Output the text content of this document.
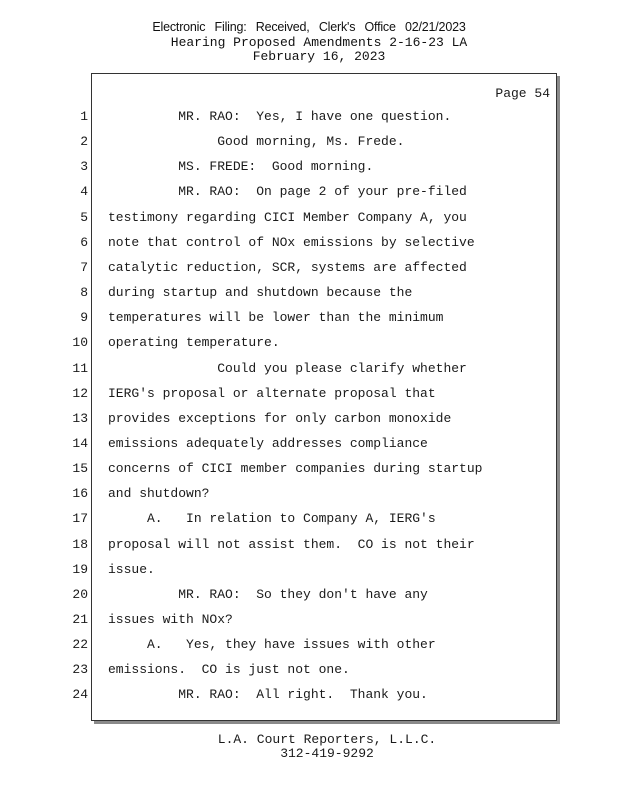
Electronic Filing: Received, Clerk's Office 02/21/2023
Hearing Proposed Amendments 2-16-23 LA
February 16, 2023
Page 54
1 MR. RAO:  Yes, I have one question.
2 Good morning, Ms. Frede.
3 MS. FREDE:  Good morning.
4 MR. RAO:  On page 2 of your pre-filed
5 testimony regarding CICI Member Company A, you
6 note that control of NOx emissions by selective
7 catalytic reduction, SCR, systems are affected
8 during startup and shutdown because the
9 temperatures will be lower than the minimum
10 operating temperature.
11 Could you please clarify whether
12 IERG's proposal or alternate proposal that
13 provides exceptions for only carbon monoxide
14 emissions adequately addresses compliance
15 concerns of CICI member companies during startup
16 and shutdown?
17 A.   In relation to Company A, IERG's
18 proposal will not assist them.  CO is not their
19 issue.
20 MR. RAO:  So they don't have any
21 issues with NOx?
22 A.   Yes, they have issues with other
23 emissions.  CO is just not one.
24 MR. RAO:  All right.  Thank you.
L.A. Court Reporters, L.L.C.
312-419-9292
